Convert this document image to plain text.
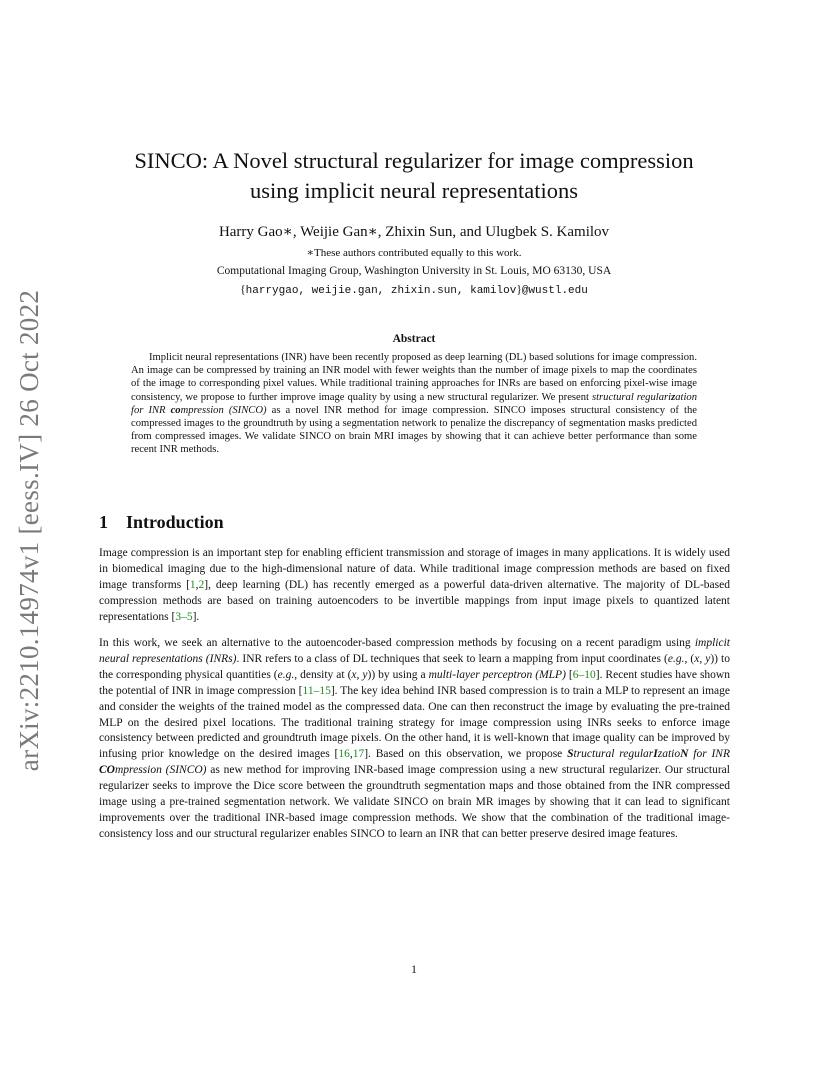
arXiv:2210.14974v1 [eess.IV] 26 Oct 2022
SINCO: A Novel structural regularizer for image compression
using implicit neural representations
Harry Gao∗, Weijie Gan∗, Zhixin Sun, and Ulugbek S. Kamilov
∗These authors contributed equally to this work.
Computational Imaging Group, Washington University in St. Louis, MO 63130, USA
{harrygao, weijie.gan, zhixin.sun, kamilov}@wustl.edu
Abstract
Implicit neural representations (INR) have been recently proposed as deep learning (DL) based solutions for image compression. An image can be compressed by training an INR model with fewer weights than the number of image pixels to map the coordinates of the image to corresponding pixel values. While traditional training approaches for INRs are based on enforcing pixel-wise image consistency, we propose to further improve image quality by using a new structural regularizer. We present structural regularization for INR compression (SINCO) as a novel INR method for image compression. SINCO imposes structural consistency of the compressed images to the groundtruth by using a segmentation network to penalize the discrepancy of segmentation masks predicted from compressed images. We validate SINCO on brain MRI images by showing that it can achieve better performance than some recent INR methods.
1 Introduction
Image compression is an important step for enabling efficient transmission and storage of images in many applications. It is widely used in biomedical imaging due to the high-dimensional nature of data. While traditional image compression methods are based on fixed image transforms [1,2], deep learning (DL) has recently emerged as a powerful data-driven alternative. The majority of DL-based compression methods are based on training autoencoders to be invertible mappings from input image pixels to quantized latent representations [3–5].
In this work, we seek an alternative to the autoencoder-based compression methods by focusing on a recent paradigm using implicit neural representations (INRs). INR refers to a class of DL techniques that seek to learn a mapping from input coordinates (e.g., (x, y)) to the corresponding physical quantities (e.g., density at (x, y)) by using a multi-layer perceptron (MLP) [6–10]. Recent studies have shown the potential of INR in image compression [11–15]. The key idea behind INR based compression is to train a MLP to represent an image and consider the weights of the trained model as the compressed data. One can then reconstruct the image by evaluating the pre-trained MLP on the desired pixel locations. The traditional training strategy for image compression using INRs seeks to enforce image consistency between predicted and groundtruth image pixels. On the other hand, it is well-known that image quality can be improved by infusing prior knowledge on the desired images [16,17]. Based on this observation, we propose Structural regularIzatioN for INR COmpression (SINCO) as new method for improving INR-based image compression using a new structural regularizer. Our structural regularizer seeks to improve the Dice score between the groundtruth segmentation maps and those obtained from the INR compressed image using a pre-trained segmentation network. We validate SINCO on brain MR images by showing that it can lead to significant improvements over the traditional INR-based image compression methods. We show that the combination of the traditional image-consistency loss and our structural regularizer enables SINCO to learn an INR that can better preserve desired image features.
1
